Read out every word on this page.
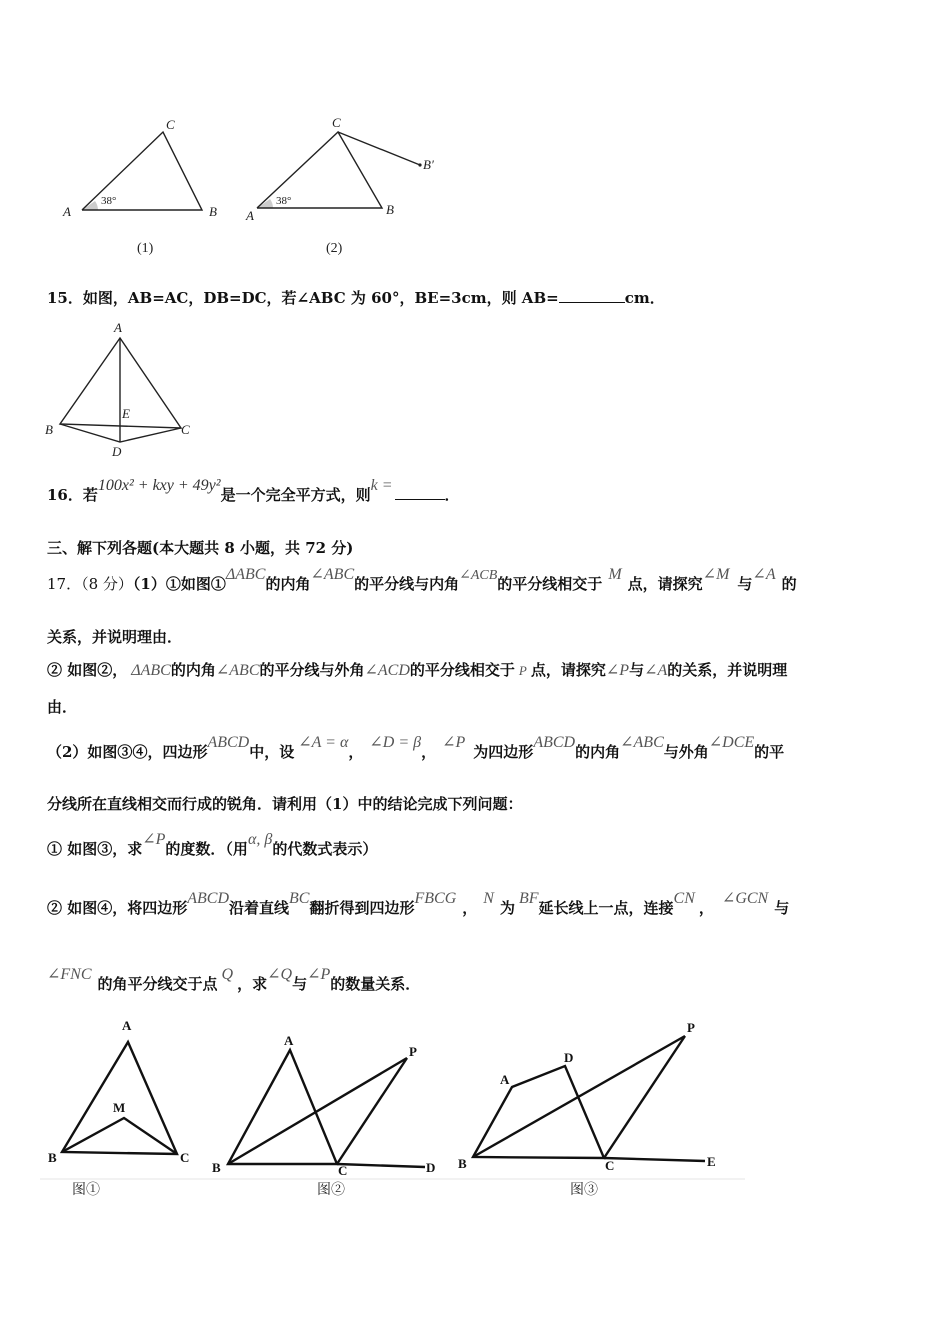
A	B
C
38°
(1)
A	B
C
B′
38°
(2)
15．如图，AB=AC，DB=DC，若∠ABC 为 60°，BE=3cm，则 AB=	cm．
A
B	C
D
E
16．若100x² + kxy + 49y²是一个完全平方式，则k =．
三、解下列各题(本大题共 8 小题，共 72 分)
17．（8 分）（1）①如图①ΔABC的内角∠ABC的平分线与内角∠ACB的平分线相交于M点，请探究∠M与∠A的
关系，并说明理由．
② 如图②， ΔABC的内角∠ABC的平分线与外角∠ACD的平分线相交于 P 点，请探究∠P与∠A的关系，并说明理
由．
（2）如图③④，四边形ABCD中，设∠A = α，∠D = β，∠P为四边形ABCD的内角∠ABC与外角∠DCE的平
分线所在直线相交而行成的锐角．请利用（1）中的结论完成下列问题：
① 如图③，求∠P的度数．（用α, β的代数式表示）
② 如图④，将四边形ABCD沿着直线BC翻折得到四边形FBCG，N为BF延长线上一点，连接CN，∠GCN与
∠FNC的角平分线交于点Q，求∠Q与∠P的数量关系．
A
B	C
M
图①
A
B	C	D
P
图②
A
B	C
D
E
P
图③
